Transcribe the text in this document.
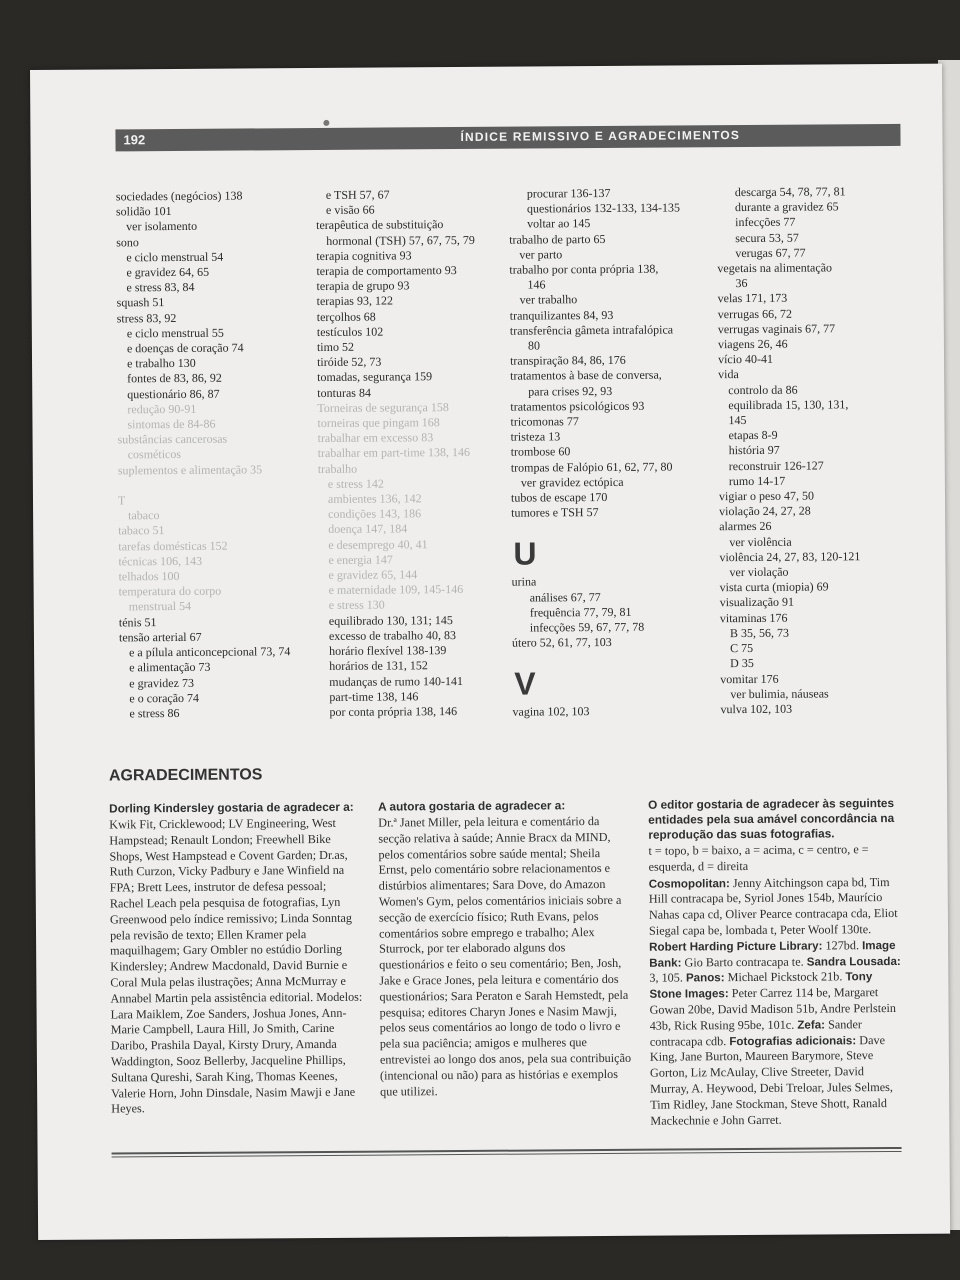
192	ÍNDICE REMISSIVO E AGRADECIMENTOS
sociedades (negócios) 138
solidão 101
ver isolamento
sono
e ciclo menstrual 54
e gravidez 64, 65
e stress 83, 84
squash 51
stress 83, 92
e ciclo menstrual 55
e doenças de coração 74
e trabalho 130
fontes de 83, 86, 92
questionário 86, 87
redução 90-91
sintomas de 84-86
substâncias cancerosas
cosméticos
suplementos e alimentação 35

T
tabaco
tabaco 51
tarefas domésticas 152
técnicas 106, 143
telhados 100
temperatura do corpo
menstrual 54
ténis 51
tensão arterial 67
e a pílula anticoncepcional 73, 74
e alimentação 73
e gravidez 73
e o coração 74
e stress 86
e TSH 57, 67
e visão 66
terapêutica de substituição
hormonal (TSH) 57, 67, 75, 79
terapia cognitiva 93
terapia de comportamento 93
terapia de grupo 93
terapias 93, 122
terçolhos 68
testículos 102
timo 52
tiróide 52, 73
tomadas, segurança 159
tonturas 84
Torneiras de segurança 158
torneiras que pingam 168
trabalhar em excesso 83
trabalhar em part-time 138, 146
trabalho
e stress 142
ambientes 136, 142
condições 143, 186
doença 147, 184
e desemprego 40, 41
e energia 147
e gravidez 65, 144
e maternidade 109, 145-146
e stress 130
equilibrado 130, 131; 145
excesso de trabalho 40, 83
horário flexível 138-139
horários de 131, 152
mudanças de rumo 140-141
part-time 138, 146
por conta própria 138, 146
procurar 136-137
questionários 132-133, 134-135
voltar ao 145
trabalho de parto 65
ver parto
trabalho por conta própria 138,
146
ver trabalho
tranquilizantes 84, 93
transferência gâmeta intrafalópica
80
transpiração 84, 86, 176
tratamentos à base de conversa,
para crises 92, 93
tratamentos psicológicos 93
tricomonas 77
tristeza 13
trombose 60
trompas de Falópio 61, 62, 77, 80
ver gravidez ectópica
tubos de escape 170
tumores e TSH 57
U
urina
análises 67, 77
frequência 77, 79, 81
infecções 59, 67, 77, 78
útero 52, 61, 77, 103
V
vagina 102, 103
descarga 54, 78, 77, 81
durante a gravidez 65
infecções 77
secura 53, 57
verugas 67, 77
vegetais na alimentação
36
velas 171, 173
verrugas 66, 72
verrugas vaginais 67, 77
viagens 26, 46
vício 40-41
vida
controlo da 86
equilibrada 15, 130, 131,
145
etapas 8-9
história 97
reconstruir 126-127
rumo 14-17
vigiar o peso 47, 50
violação 24, 27, 28
alarmes 26
ver violência
violência 24, 27, 83, 120-121
ver violação
vista curta (miopia) 69
visualização 91
vitaminas 176
B 35, 56, 73
C 75
D 35
vomitar 176
ver bulimia, náuseas
vulva 102, 103
AGRADECIMENTOS

Dorling Kindersley gostaria de agradecer a:

Kwik Fit, Cricklewood; LV Engineering, West Hampstead; Renault London; Freewhell Bike Shops, West Hampstead e Covent Garden; Dr.as, Ruth Curzon, Vicky Padbury e Jane Winfield na FPA; Brett Lees, instrutor de defesa pessoal; Rachel Leach pela pesquisa de fotografias, Lyn Greenwood pelo índice remissivo; Linda Sonntag pela revisão de texto; Ellen Kramer pela maquilhagem; Gary Ombler no estúdio Dorling Kindersley; Andrew Macdonald, David Burnie e Coral Mula pelas ilustrações; Anna McMurray e Annabel Martin pela assistência editorial. Modelos: Lara Maiklem, Zoe Sanders, Joshua Jones, Ann-Marie Campbell, Laura Hill, Jo Smith, Carine Daribo, Prashila Dayal, Kirsty Drury, Amanda Waddington, Sooz Bellerby, Jacqueline Phillips, Sultana Qureshi, Sarah King, Thomas Keenes, Valerie Horn, John Dinsdale, Nasim Mawji e Jane Heyes.

A autora gostaria de agradecer a:

Dr.ª Janet Miller, pela leitura e comentário da secção relativa à saúde; Annie Bracx da MIND, pelos comentários sobre saúde mental; Sheila Ernst, pelo comentário sobre relacionamentos e distúrbios alimentares; Sara Dove, do Amazon Women's Gym, pelos comentários iniciais sobre a secção de exercício físico; Ruth Evans, pelos comentários sobre emprego e trabalho; Alex Sturrock, por ter elaborado alguns dos questionários e feito o seu comentário; Ben, Josh, Jake e Grace Jones, pela leitura e comentário dos questionários; Sara Peraton e Sarah Hemstedt, pela pesquisa; editores Charyn Jones e Nasim Mawji, pelos seus comentários ao longo de todo o livro e pela sua paciência; amigos e mulheres que entrevistei ao longo dos anos, pela sua contribuição (intencional ou não) para as histórias e exemplos que utilizei.

O editor gostaria de agradecer às seguintes entidades pela sua amável concordância na reprodução das suas fotografias.

t = topo, b = baixo, a = acima, c = centro, e = esquerda, d = direita

Cosmopolitan: Jenny Aitchingson capa bd, Tim Hill contracapa be, Syriol Jones 154b, Maurício Nahas capa cd, Oliver Pearce contracapa cda, Eliot Siegal capa be, lombada t, Peter Woolf 130te. Robert Harding Picture Library: 127bd. Image Bank: Gio Barto contracapa te. Sandra Lousada: 3, 105. Panos: Michael Pickstock 21b. Tony Stone Images: Peter Carrez 114 be, Margaret Gowan 20be, David Madison 51b, Andre Perlstein 43b, Rick Rusing 95be, 101c. Zefa: Sander contracapa cdb. Fotografias adicionais: Dave King, Jane Burton, Maureen Barymore, Steve Gorton, Liz McAulay, Clive Streeter, David Murray, A. Heywood, Debi Treloar, Jules Selmes, Tim Ridley, Jane Stockman, Steve Shott, Ranald Mackechnie e John Garret.
